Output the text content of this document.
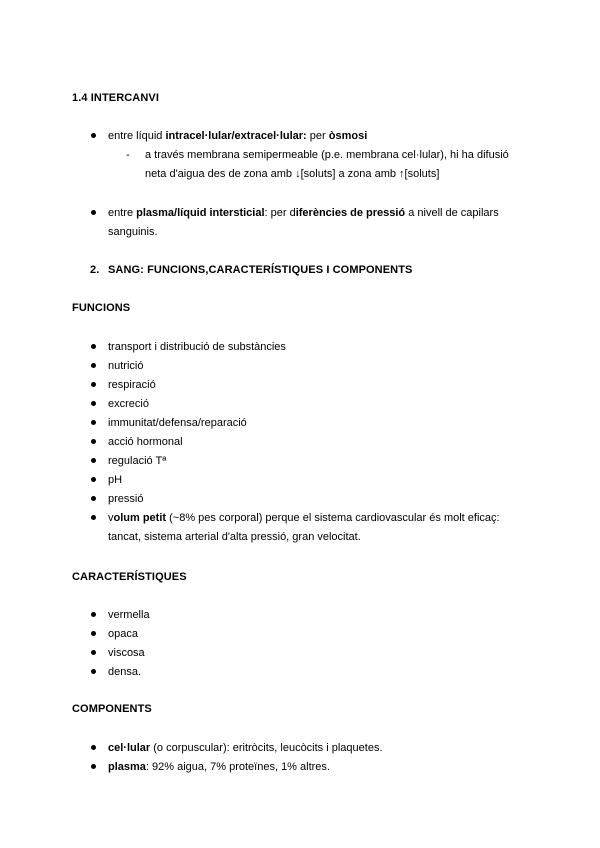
1.4 INTERCANVI
entre líquid intracel·lular/extracel·lular: per òsmosi
- a través membrana semipermeable (p.e. membrana cel·lular), hi ha difusió
neta d'aigua des de zona amb ↓[soluts] a zona amb ↑[soluts]
entre plasma/líquid intersticial: per diferències de pressió a nivell de capilars
sanguinis.
2. SANG: FUNCIONS,CARACTERÍSTIQUES I COMPONENTS
FUNCIONS
transport i distribució de substàncies
nutrició
respiració
excreció
immunitat/defensa/reparació
acció hormonal
regulació Tª
pH
pressió
volum petit (~8% pes corporal) perque el sistema cardiovascular és molt eficaç:
tancat, sistema arterial d'alta pressió, gran velocitat.
CARACTERÍSTIQUES
vermella
opaca
viscosa
densa.
COMPONENTS
cel·lular (o corpuscular): eritròcits, leucòcits i plaquetes.
plasma: 92% aigua, 7% proteïnes, 1% altres.
